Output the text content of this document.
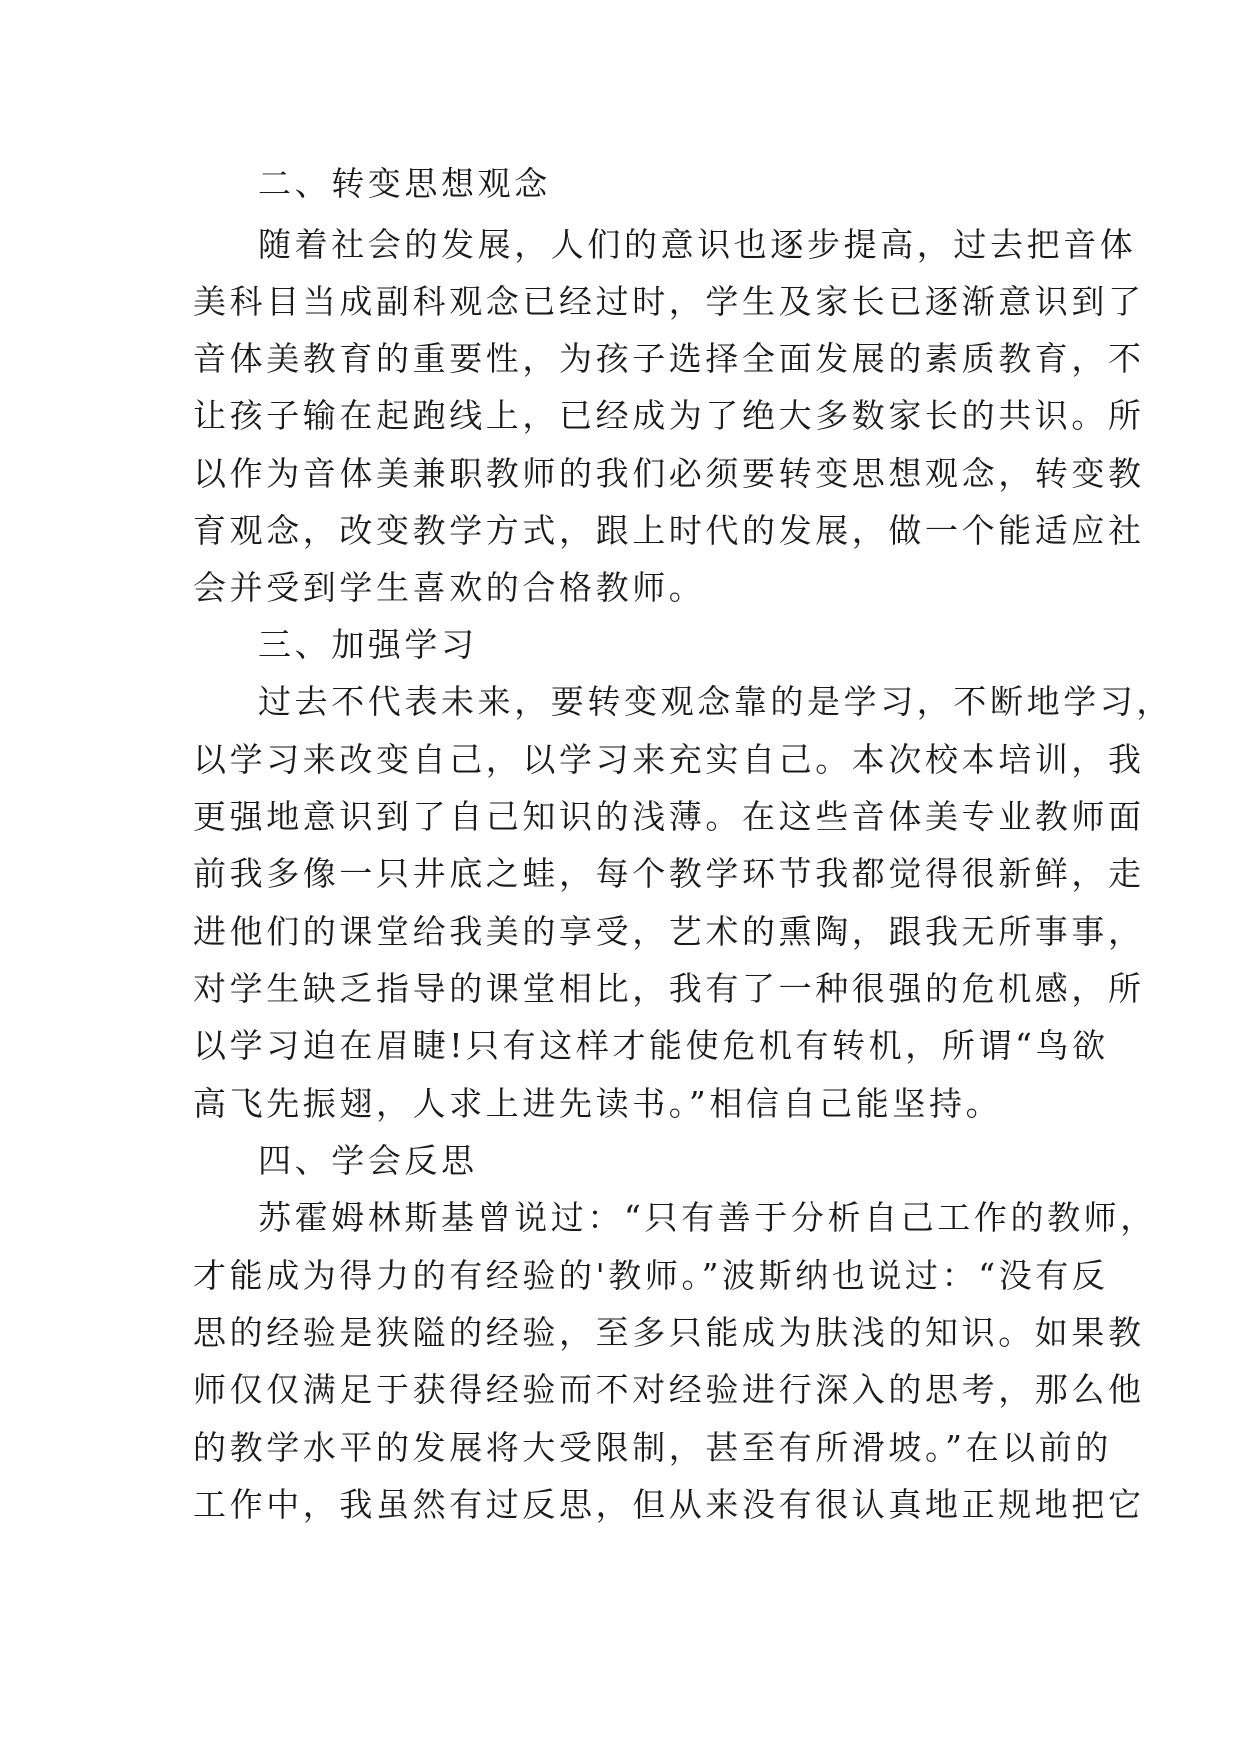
二、转变思想观念
随着社会的发展，人们的意识也逐步提高，过去把音体
美科目当成副科观念已经过时，学生及家长已逐渐意识到了
音体美教育的重要性，为孩子选择全面发展的素质教育，不
让孩子输在起跑线上，已经成为了绝大多数家长的共识。所
以作为音体美兼职教师的我们必须要转变思想观念，转变教
育观念，改变教学方式，跟上时代的发展，做一个能适应社
会并受到学生喜欢的合格教师。
三、加强学习
过去不代表未来，要转变观念靠的是学习，不断地学习，
以学习来改变自己，以学习来充实自己。本次校本培训，我
更强地意识到了自己知识的浅薄。在这些音体美专业教师面
前我多像一只井底之蛙，每个教学环节我都觉得很新鲜，走
进他们的课堂给我美的享受，艺术的熏陶，跟我无所事事，
对学生缺乏指导的课堂相比，我有了一种很强的危机感，所
以学习迫在眉睫!只有这样才能使危机有转机，所谓“鸟欲
高飞先振翅，人求上进先读书。”相信自己能坚持。
四、学会反思
苏霍姆林斯基曾说过：“只有善于分析自己工作的教师，
才能成为得力的有经验的'教师。”波斯纳也说过：“没有反
思的经验是狭隘的经验，至多只能成为肤浅的知识。如果教
师仅仅满足于获得经验而不对经验进行深入的思考，那么他
的教学水平的发展将大受限制，甚至有所滑坡。”在以前的
工作中，我虽然有过反思，但从来没有很认真地正规地把它
